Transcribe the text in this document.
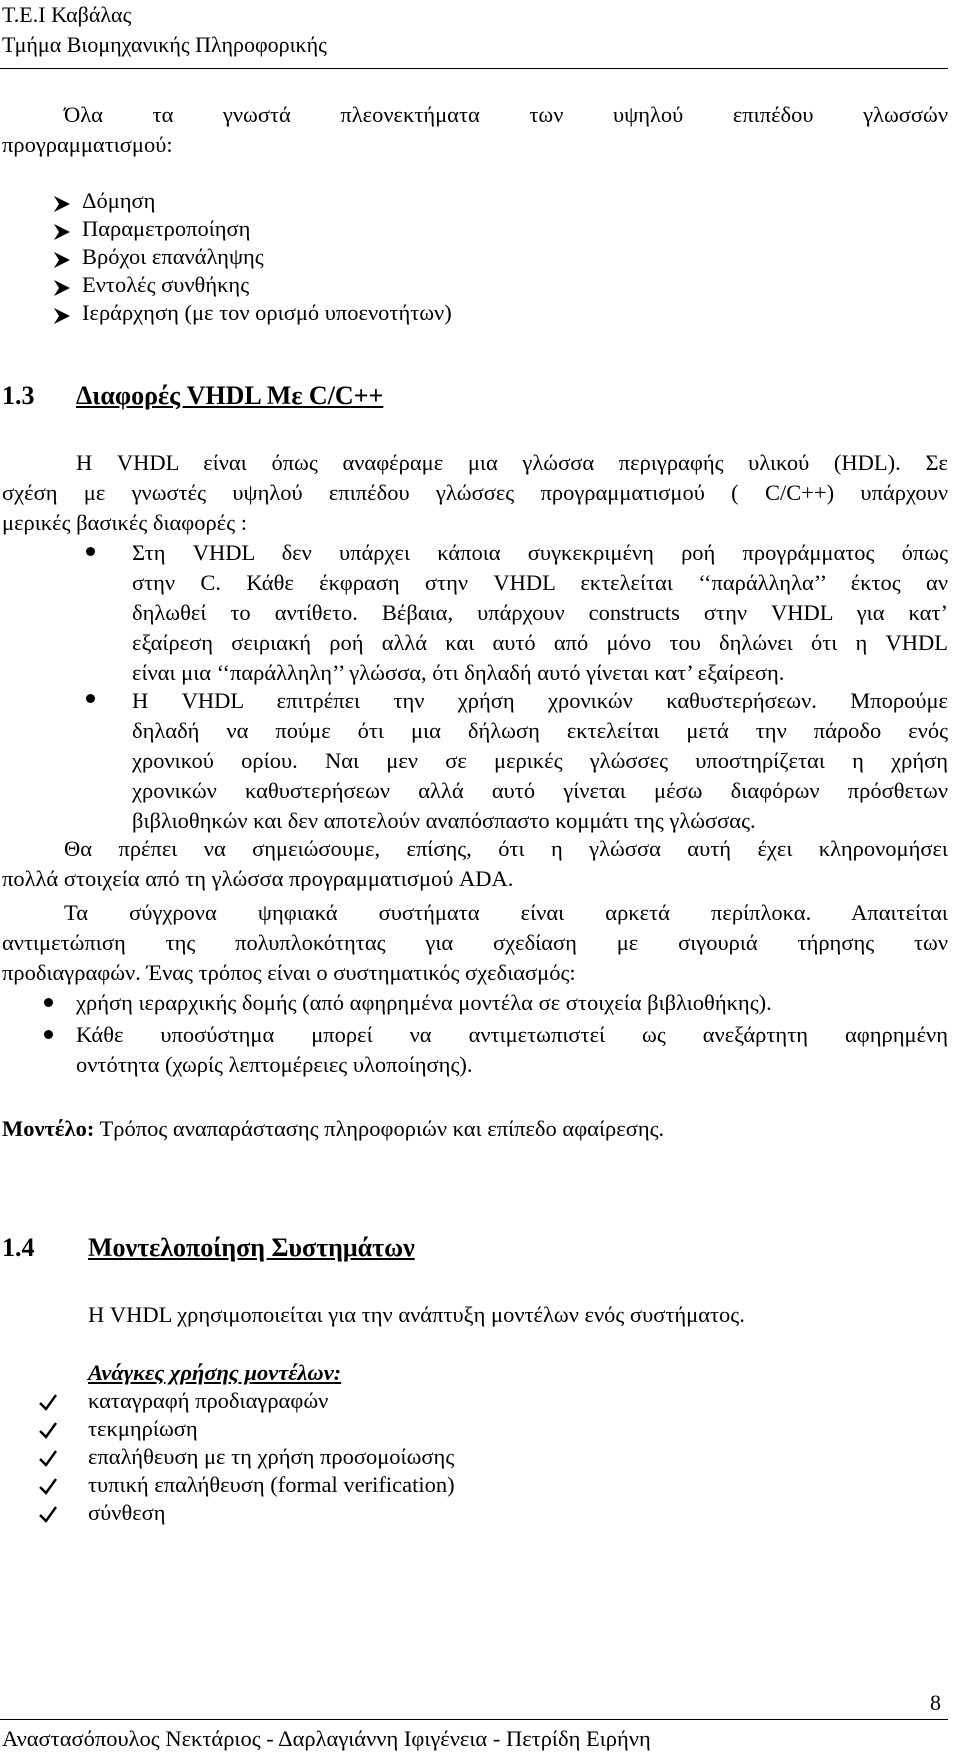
Τ.Ε.Ι Καβάλας
Τμήμα Βιομηχανικής Πληροφορικής
Όλα τα γνωστά πλεονεκτήματα των υψηλού επιπέδου γλωσσών
προγραμματισμού:
Δόμηση
Παραμετροποίηση
Βρόχοι επανάληψης
Εντολές συνθήκης
Ιεράρχηση (με τον ορισμό υποενοτήτων)
1.3 Διαφορές VHDL Με C/C++
Η VHDL είναι όπως αναφέραμε μια γλώσσα περιγραφής υλικού (HDL). Σε
σχέση με γνωστές υψηλού επιπέδου γλώσσες προγραμματισμού ( C/C++) υπάρχουν
μερικές βασικές διαφορές :
Στη VHDL δεν υπάρχει κάποια συγκεκριμένη ροή προγράμματος όπως
στην C. Κάθε έκφραση στην VHDL εκτελείται ‘‘παράλληλα’’ έκτος αν
δηλωθεί το αντίθετο. Βέβαια, υπάρχουν constructs στην VHDL για κατ’
εξαίρεση σειριακή ροή αλλά και αυτό από μόνο του δηλώνει ότι η VHDL
είναι μια ‘‘παράλληλη’’ γλώσσα, ότι δηλαδή αυτό γίνεται κατ’ εξαίρεση.
Η VHDL επιτρέπει την χρήση χρονικών καθυστερήσεων. Μπορούμε
δηλαδή να πούμε ότι μια δήλωση εκτελείται μετά την πάροδο ενός
χρονικού ορίου. Ναι μεν σε μερικές γλώσσες υποστηρίζεται η χρήση
χρονικών καθυστερήσεων αλλά αυτό γίνεται μέσω διαφόρων πρόσθετων
βιβλιοθηκών και δεν αποτελούν αναπόσπαστο κομμάτι της γλώσσας.
Θα πρέπει να σημειώσουμε, επίσης, ότι η γλώσσα αυτή έχει κληρονομήσει
πολλά στοιχεία από τη γλώσσα προγραμματισμού ADA.
Τα σύγχρονα ψηφιακά συστήματα είναι αρκετά περίπλοκα. Απαιτείται
αντιμετώπιση της πολυπλοκότητας για σχεδίαση με σιγουριά τήρησης των
προδιαγραφών. Ένας τρόπος είναι ο συστηματικός σχεδιασμός:
χρήση ιεραρχικής δομής (από αφηρημένα μοντέλα σε στοιχεία βιβλιοθήκης).
Κάθε υποσύστημα μπορεί να αντιμετωπιστεί ως ανεξάρτητη αφηρημένη
οντότητα (χωρίς λεπτομέρειες υλοποίησης).
Μοντέλο: Τρόπος αναπαράστασης πληροφοριών και επίπεδο αφαίρεσης.
1.4 Μοντελοποίηση Συστημάτων
Η VHDL χρησιμοποιείται για την ανάπτυξη μοντέλων ενός συστήματος.
Ανάγκες χρήσης μοντέλων:
καταγραφή προδιαγραφών
τεκμηρίωση
επαλήθευση με τη χρήση προσομοίωσης
τυπική επαλήθευση (formal verification)
σύνθεση
8
Αναστασόπουλος Νεκτάριος - Δαρλαγιάννη Ιφιγένεια - Πετρίδη Ειρήνη
